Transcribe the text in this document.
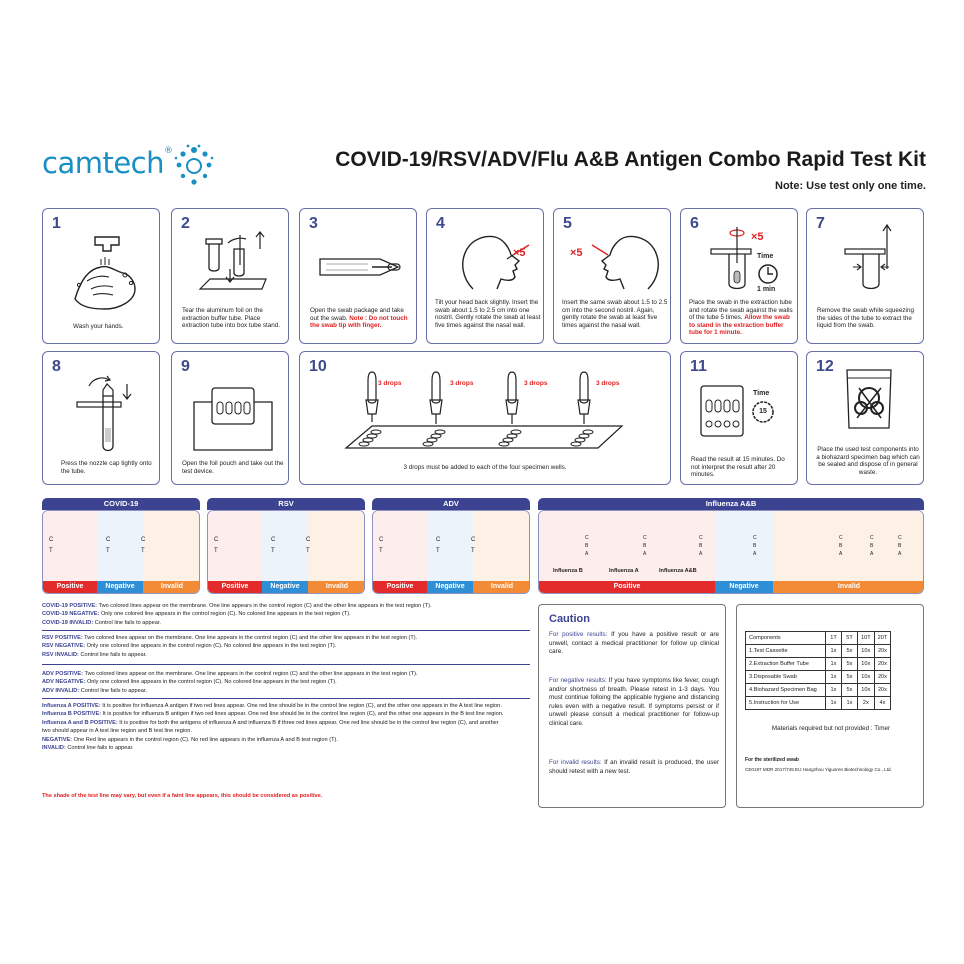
camtech®	COVID-19/RSV/ADV/Flu A&B Antigen Combo Rapid Test Kit
Note: Use test only one time.
1
Wash your hands.
2
Tear the aluminum foil on the extraction buffer tube. Place extraction tube into box tube stand.
3
Open the swab package and take out the swab. Note : Do not touch the swab tip with finger.
4
×5
Tilt your head back slightly. Insert the swab about 1.5 to 2.5 cm into one nostril. Gently rotate the swab at least five times against the nasal wall.
5
×5
Insert the same swab about 1.5 to 2.5 cm into the second nostril. Again, gently rotate the swab at least five times against the nasal wall.
6
×5
Time
1 min
Place the swab in the extraction tube and rotate the swab against the walls of the tube 5 times. Allow the swab to stand in the extraction buffer tube for 1 minute.
7
Remove the swab while squeezing the sides of the tube to extract the liquid from the swab.
8
Press the nozzle cap tightly onto the tube.
9
Open the foil pouch and take out the test device.
10
3 drops	3 drops	3 drops	3 drops
3 drops must be added to each of the four specimen wells.
11
Time
15
Read the result at 15 minutes. Do not interpret the result after 20 minutes.
12
Place the used test components into a biohazard specimen bag which can be sealed and dispose of in general waste.
COVID-19
C
T
C
T
C
T
Positive	Negative	Invalid
RSV
C
T
C
T
C
T
Positive	Negative	Invalid
ADV
C
T
C
T
C
T
Positive	Negative	Invalid
Influenza A&B
Influenza B	Influenza A	Influenza A&B
C
B
A
C
B
A
C
B
A
C
B
A
C
B
A
C
B
A
C
B
A
Positive	Negative	Invalid
COVID-19 POSITIVE: Two colored lines appear on the membrane. One line appears in the control region (C) and the other line appears in the test region (T).
COVID-19 NEGATIVE: Only one colored line appears in the control region (C). No colored line appears in the test region (T).
COVID-19 INVALID: Control line fails to appear.
RSV POSITIVE: Two colored lines appear on the membrane. One line appears in the control region (C) and the other line appears in the test region (T).
RSV NEGATIVE: Only one colored line appears in the control region (C). No colored line appears in the test region (T).
RSV INVALID: Control line fails to appear.
ADV POSITIVE: Two colored lines appear on the membrane. One line appears in the control region (C) and the other line appears in the test region (T).
ADV NEGATIVE: Only one colored line appears in the control region (C). No colored line appears in the test region (T).
ADV INVALID: Control line fails to appear.
Influenza A POSITIVE: It is positive for influenza A antigen if two red lines appear. One red line should be in the control line region (C), and the other one appears in the A test line region.
Influenza B POSITIVE: It is positive for influenza B antigen if two red lines appear. One red line should be in the control line region (C), and the other one appears in the B test line region.
Influenza A and B POSITIVE: It is positive for both the antigens of influenza A and influenza B if three red lines appear. One red line should be in the control line region (C), and another
two should appear in A test line region and B test line region.
NEGATIVE: One Red line appears in the control region (C). No red line appears in the influenza A and B test region (T).
INVALID: Control line fails to appear.
The shade of the test line may vary, but even if a faint line appears, this should be considered as positive.
Caution
For positive results: If you have a positive result or are unwell, contact a medical practitioner for follow up clinical care.
For negative results: If you have symptoms like fever, cough and/or shortness of breath. Please retest in 1-3 days. You must continue folloing the applicable hygiene and distancing rules even with a negative result. If symptoms persist or if unwell please consult a medical practitioner for follow-up clinical care.
For invalid results: If an invalid result is produced, the user should retest with a new test.
Components	1T	5T	10T	20T
1.Test Cassette	1x	5x	10x	20x
2.Extraction Buffer Tube	1x	5x	10x	20x
3.Disposable Swab	1x	5x	10x	20x
4.Biohazard Specimen Bag	1x	5x	10x	20x
5.Instruction for Use	1x	1x	2x	4x
Materials required but not provided : Timer
For the sterilized swab
CE0197 MDR 2017/745 EU Hangzhou Yiguoren Biotechnology Co., Ltd.
